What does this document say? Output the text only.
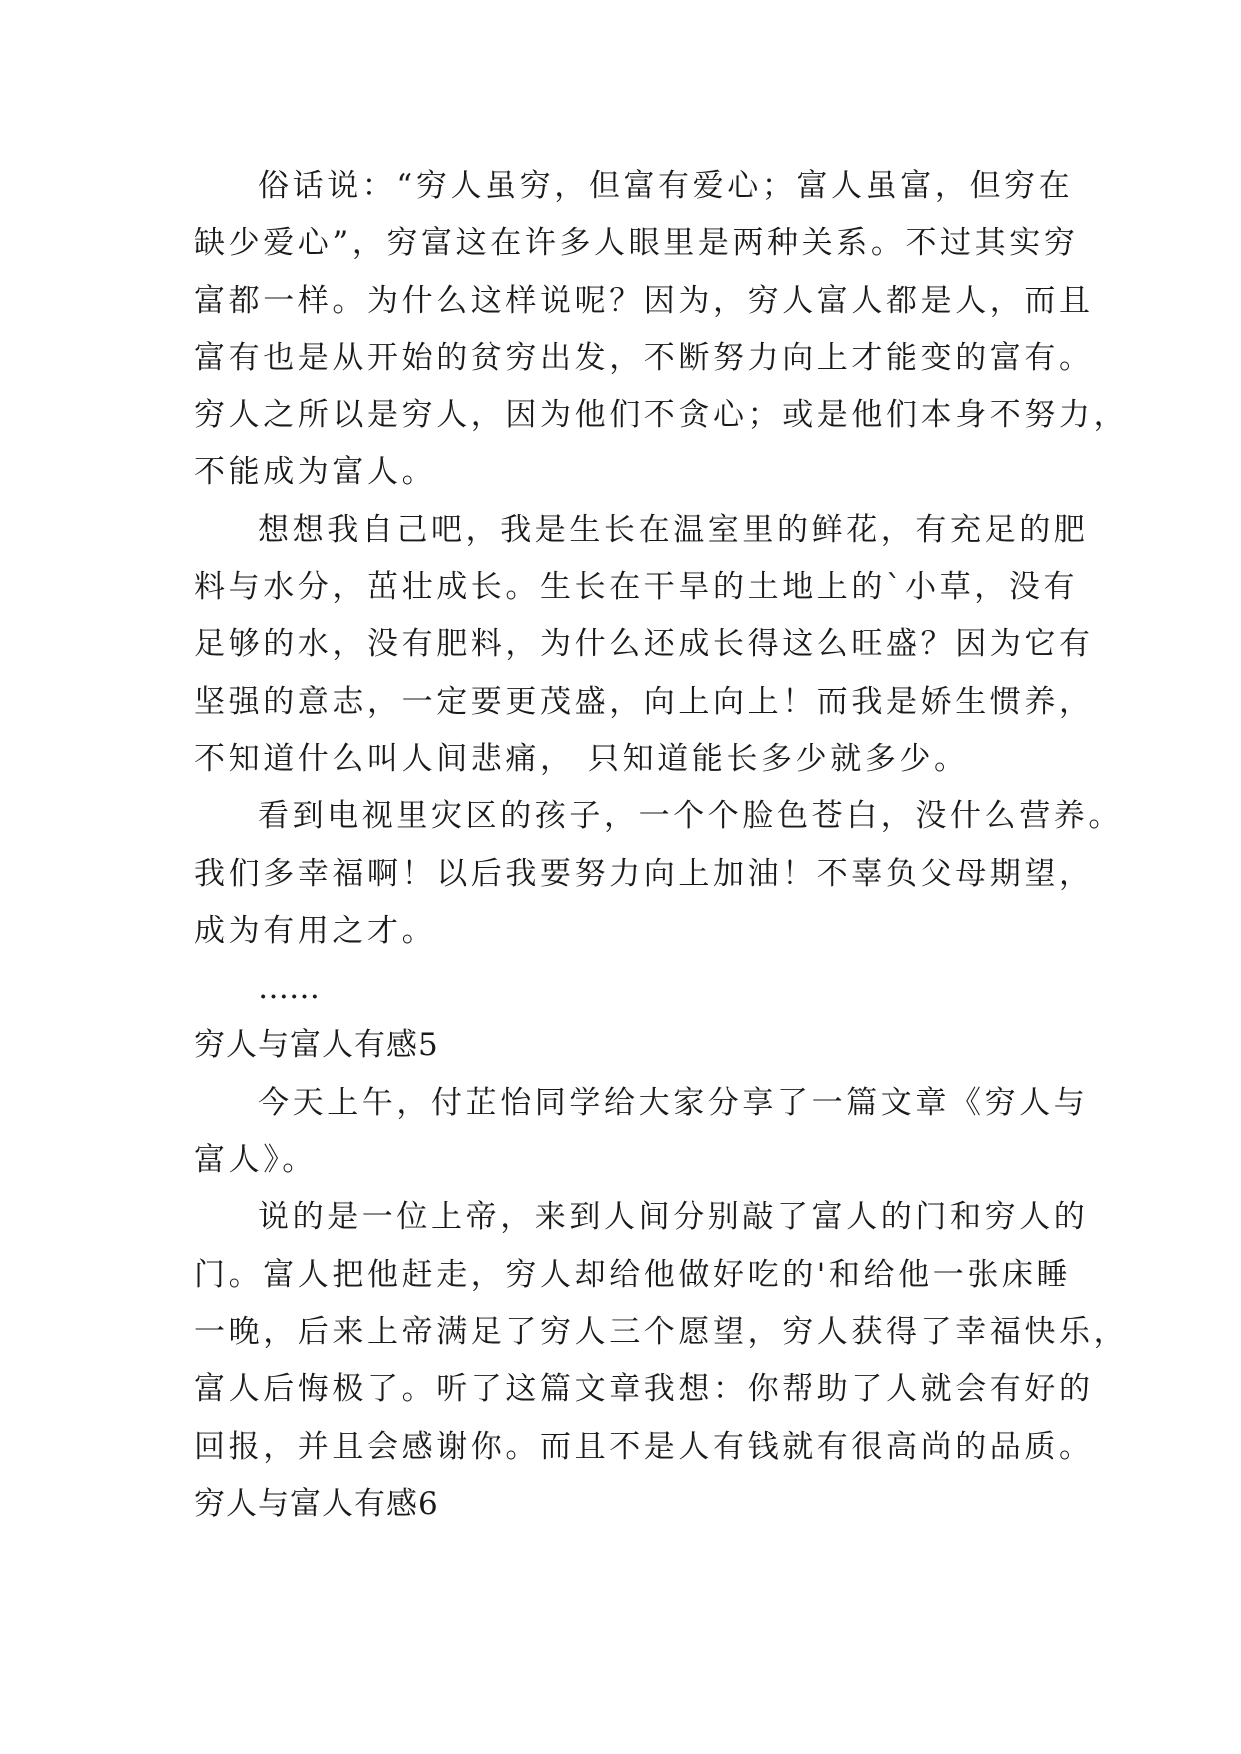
俗话说：“穷人虽穷，但富有爱心；富人虽富，但穷在
缺少爱心”，穷富这在许多人眼里是两种关系。不过其实穷
富都一样。为什么这样说呢？因为，穷人富人都是人，而且
富有也是从开始的贫穷出发，不断努力向上才能变的富有。
穷人之所以是穷人，因为他们不贪心；或是他们本身不努力，
不能成为富人。
想想我自己吧，我是生长在温室里的鲜花，有充足的肥
料与水分，茁壮成长。生长在干旱的土地上的`小草，没有
足够的水，没有肥料，为什么还成长得这么旺盛？因为它有
坚强的意志，一定要更茂盛，向上向上！而我是娇生惯养，
不知道什么叫人间悲痛， 只知道能长多少就多少。
看到电视里灾区的孩子，一个个脸色苍白，没什么营养。
我们多幸福啊！以后我要努力向上加油！不辜负父母期望，
成为有用之才。
……
穷人与富人有感5
今天上午，付芷怡同学给大家分享了一篇文章《穷人与
富人》。
说的是一位上帝，来到人间分别敲了富人的门和穷人的
门。富人把他赶走，穷人却给他做好吃的'和给他一张床睡
一晚，后来上帝满足了穷人三个愿望，穷人获得了幸福快乐，
富人后悔极了。听了这篇文章我想：你帮助了人就会有好的
回报，并且会感谢你。而且不是人有钱就有很高尚的品质。
穷人与富人有感6
